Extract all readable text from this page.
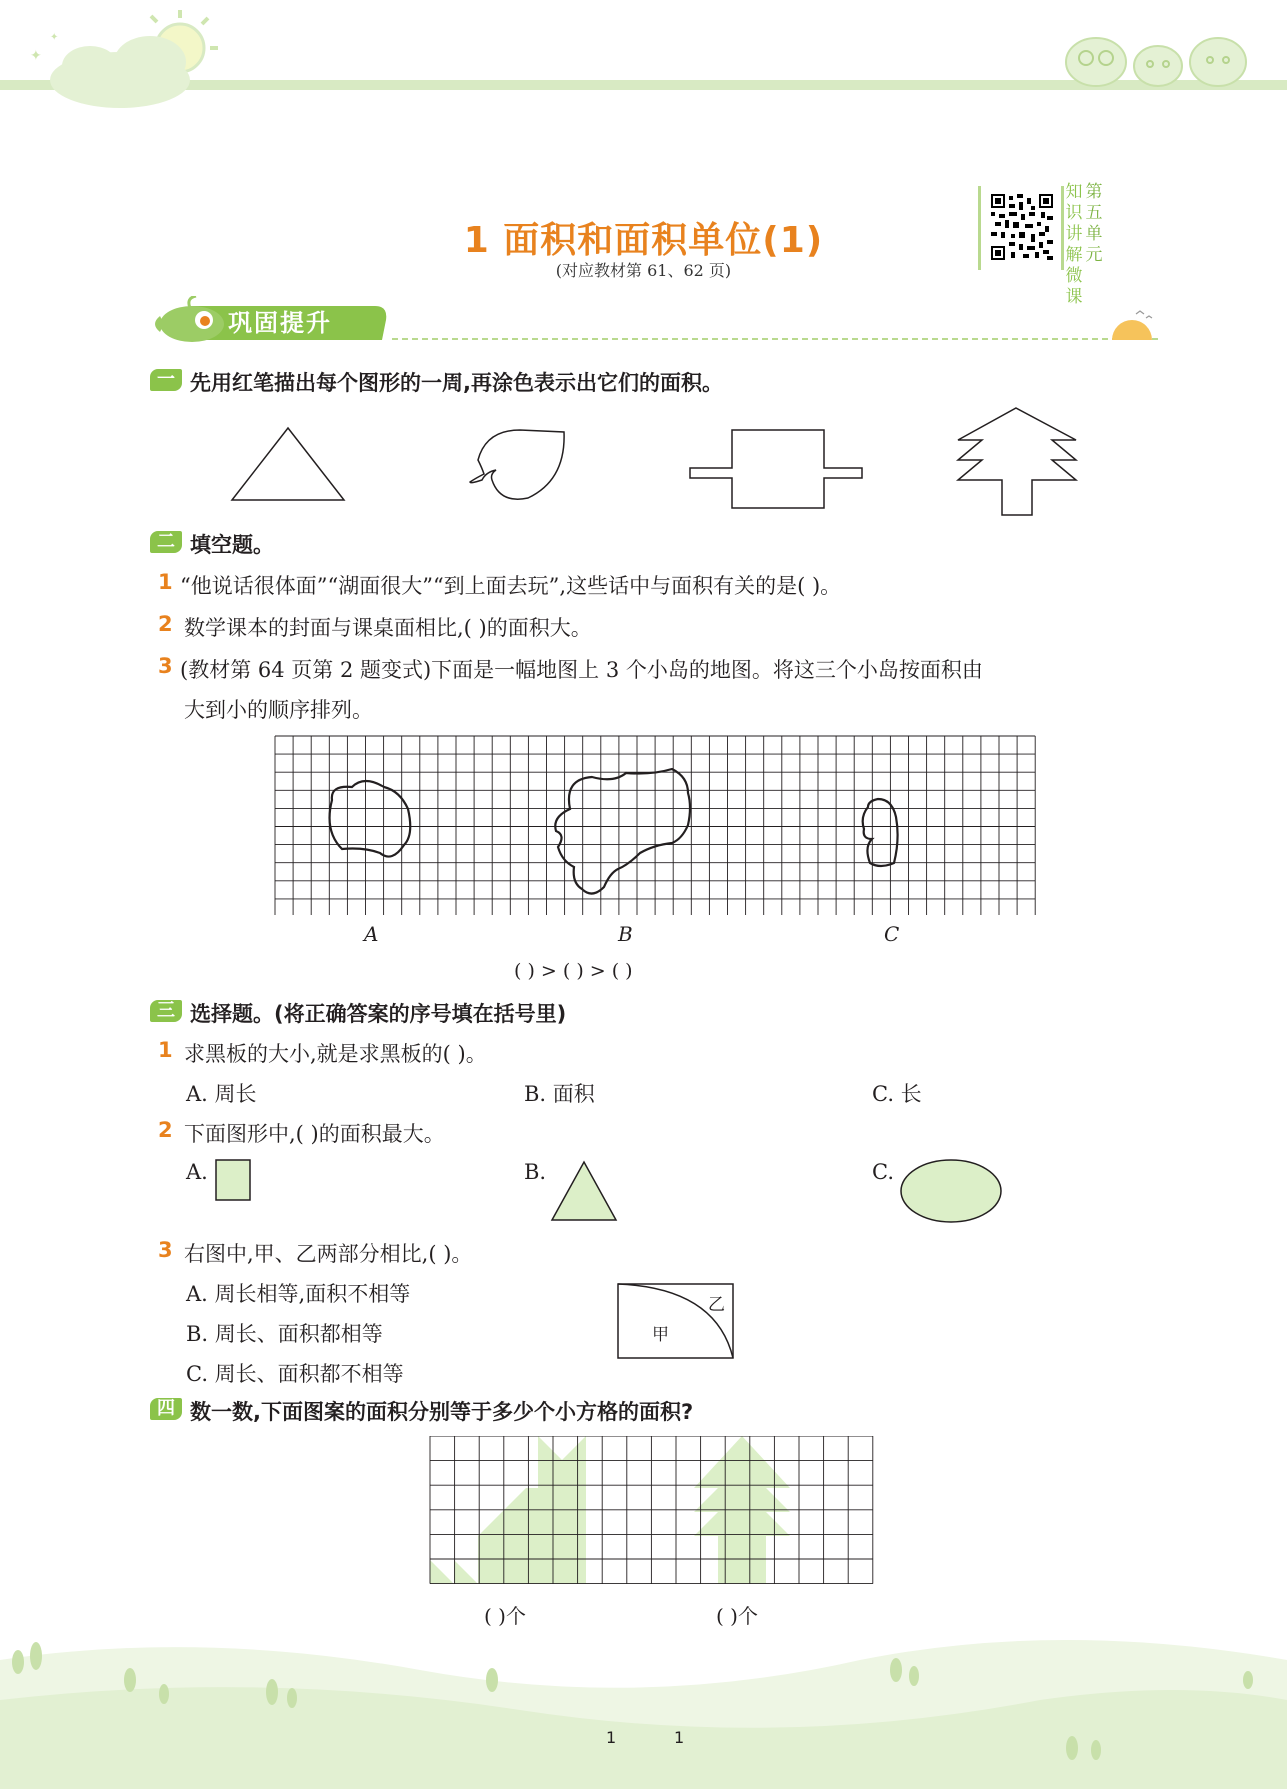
✦
✦
1 面积和面积单位(1)
(对应教材第 61、62 页)
知识讲解微课
第五单元
巩固提升
一 先用红笔描出每个图形的一周,再涂色表示出它们的面积。
二 填空题。
1 “他说话很体面”“湖面很大”“到上面去玩”,这些话中与面积有关的是( )。
2 数学课本的封面与课桌面相比,( )的面积大。
3 (教材第 64 页第 2 题变式)下面是一幅地图上 3 个小岛的地图。将这三个小岛按面积由
大到小的顺序排列。
A	B	C
( ) > ( ) > ( )
三 选择题。(将正确答案的序号填在括号里)
1 求黑板的大小,就是求黑板的( )。
A. 周长	B. 面积	C. 长
2 下面图形中,( )的面积最大。
A.	B.	C.
3 右图中,甲、乙两部分相比,( )。
A. 周长相等,面积不相等
B. 周长、面积都相等
C. 周长、面积都不相等
甲
乙
四 数一数,下面图案的面积分别等于多少个小方格的面积?
( )个	( )个
1	1
